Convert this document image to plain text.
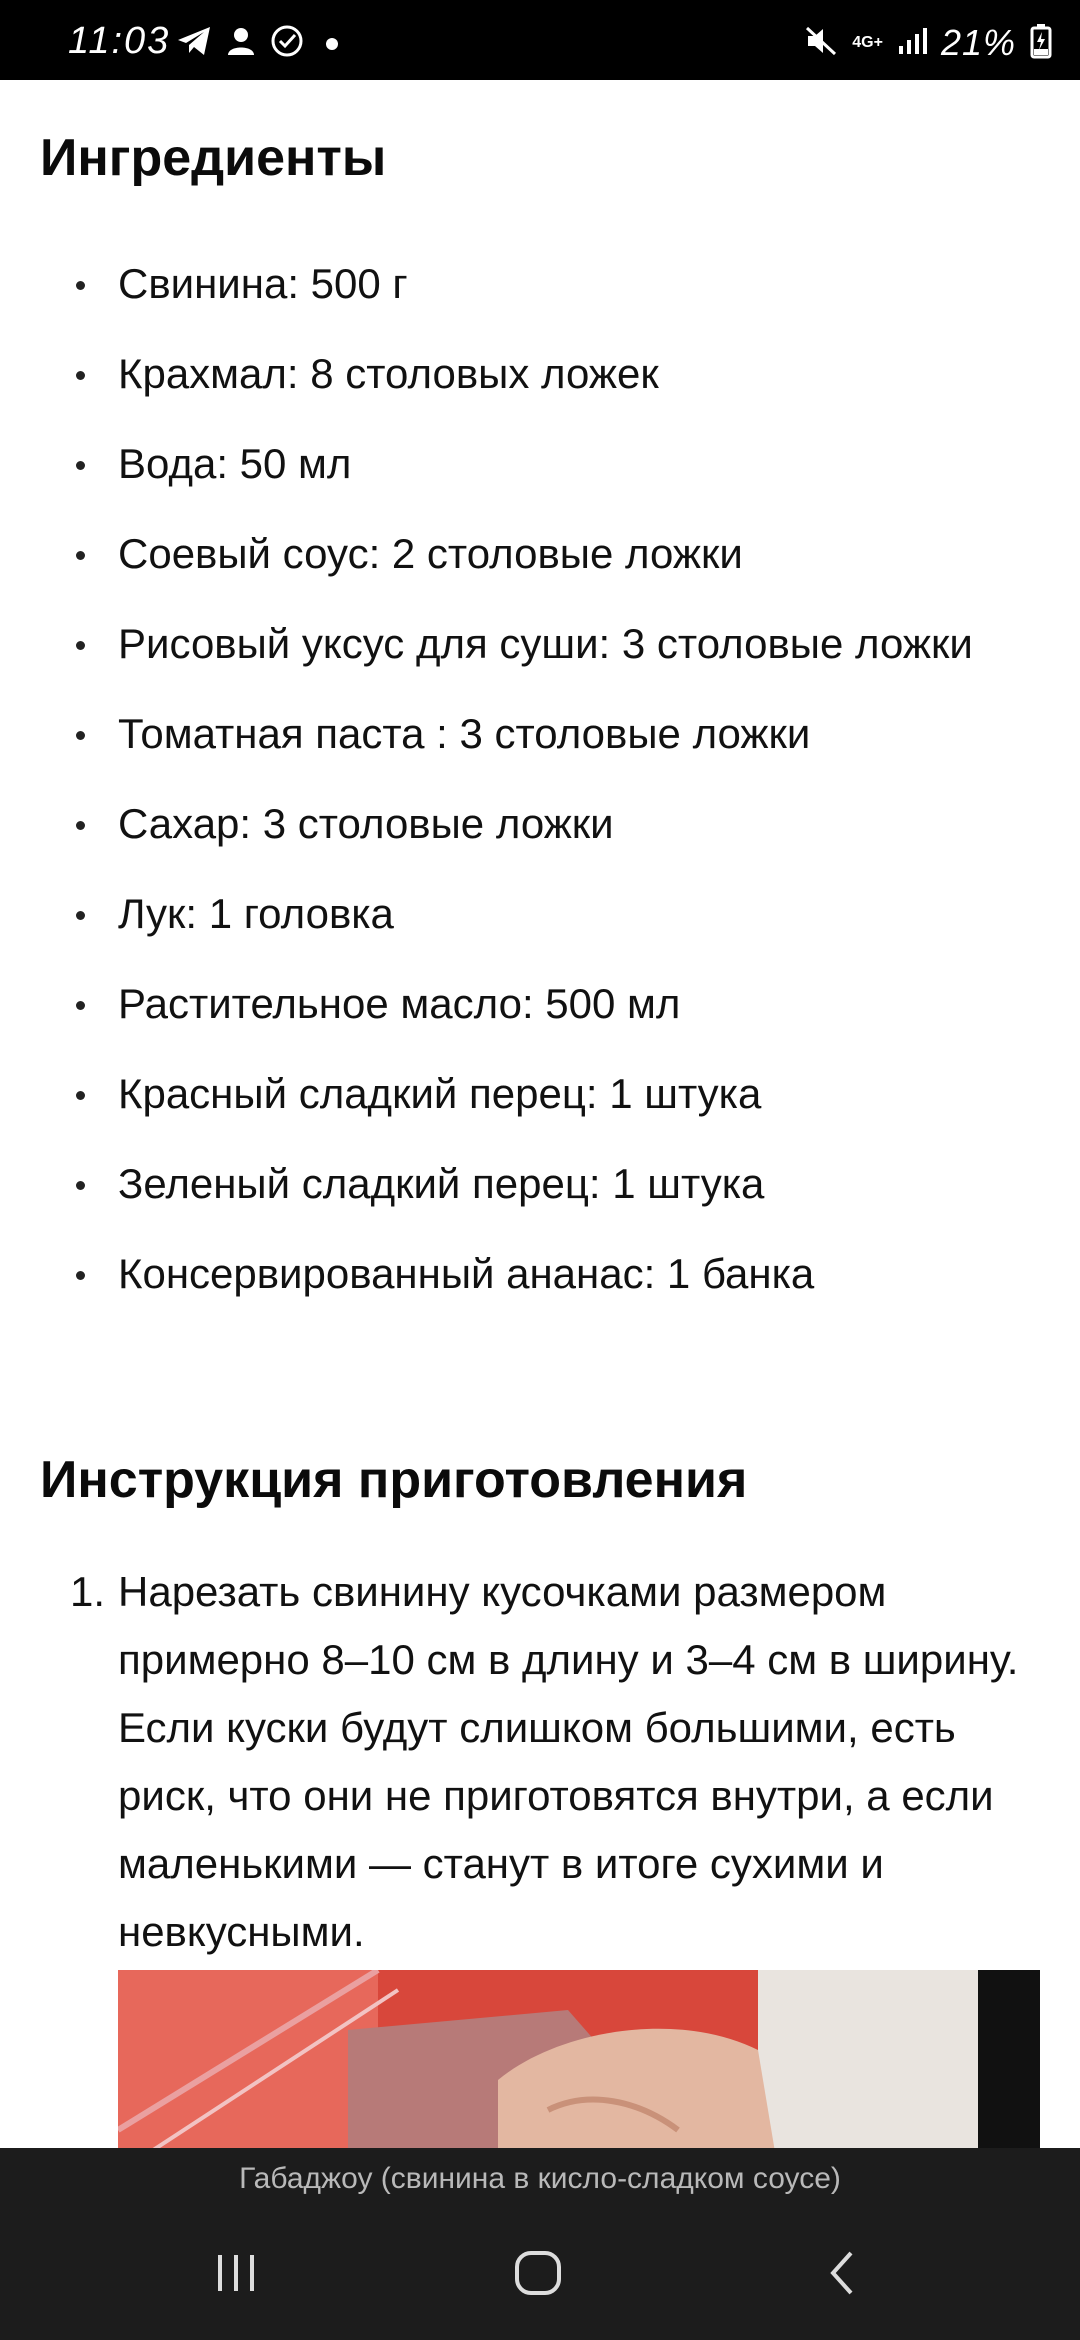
11:03	4G+ 21%
Ингредиенты
Свинина: 500 г
Крахмал: 8 столовых ложек
Вода: 50 мл
Соевый соус: 2 столовые ложки
Рисовый уксус для суши: 3 столовые ложки
Томатная паста : 3 столовые ложки
Сахар: 3 столовые ложки
Лук: 1 головка
Растительное масло: 500 мл
Красный сладкий перец: 1 штука
Зеленый сладкий перец: 1 штука
Консервированный ананас: 1 банка
Инструкция приготовления
1. Нарезать свинину кусочками размером примерно 8–10 см в длину и 3–4 см в ширину. Если куски будут слишком большими, есть риск, что они не приготовятся внутри, а если маленькими — станут в итоге сухими и невкусными.
Габаджоу (свинина в кисло-сладком соусе)
